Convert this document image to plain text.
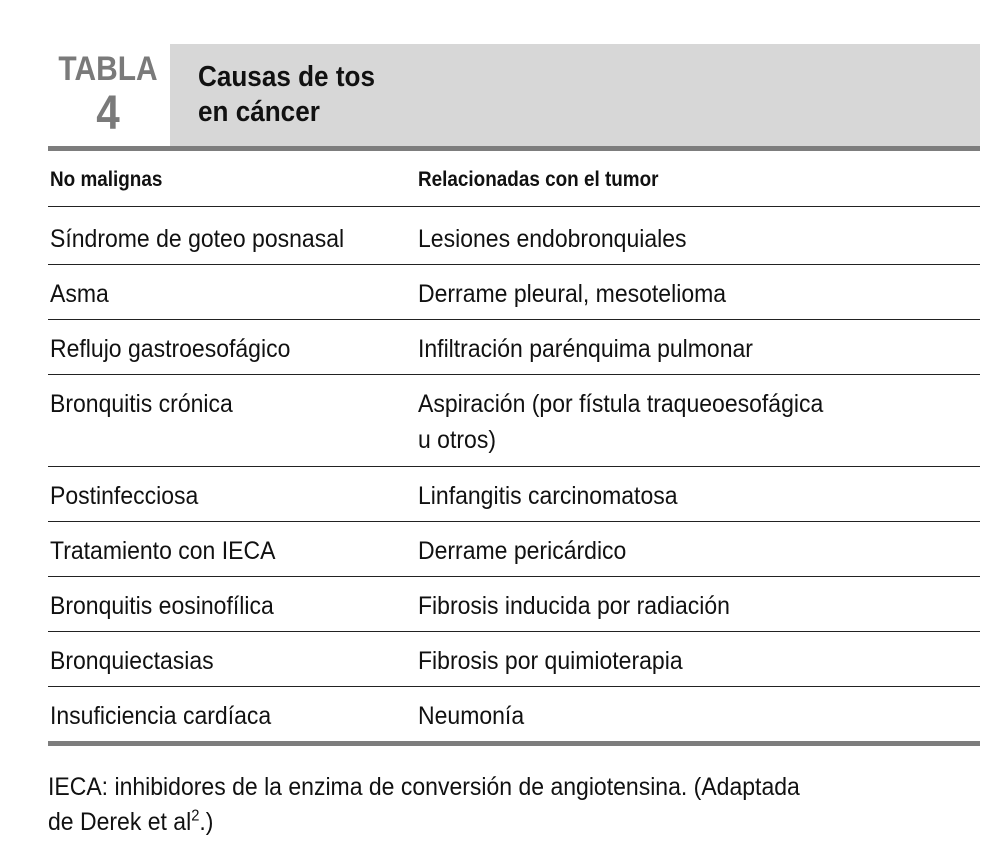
TABLA
4
Causas de tos
en cáncer
No malignas	Relacionadas con el tumor
Síndrome de goteo posnasal	Lesiones endobronquiales
Asma	Derrame pleural, mesotelioma
Reflujo gastroesofágico	Infiltración parénquima pulmonar
Bronquitis crónica	Aspiración (por fístula traqueoesofágica
u otros)
Postinfecciosa	Linfangitis carcinomatosa
Tratamiento con IECA	Derrame pericárdico
Bronquitis eosinofílica	Fibrosis inducida por radiación
Bronquiectasias	Fibrosis por quimioterapia
Insuficiencia cardíaca	Neumonía
IECA: inhibidores de la enzima de conversión de angiotensina. (Adaptada
de Derek et $al^2$.)
